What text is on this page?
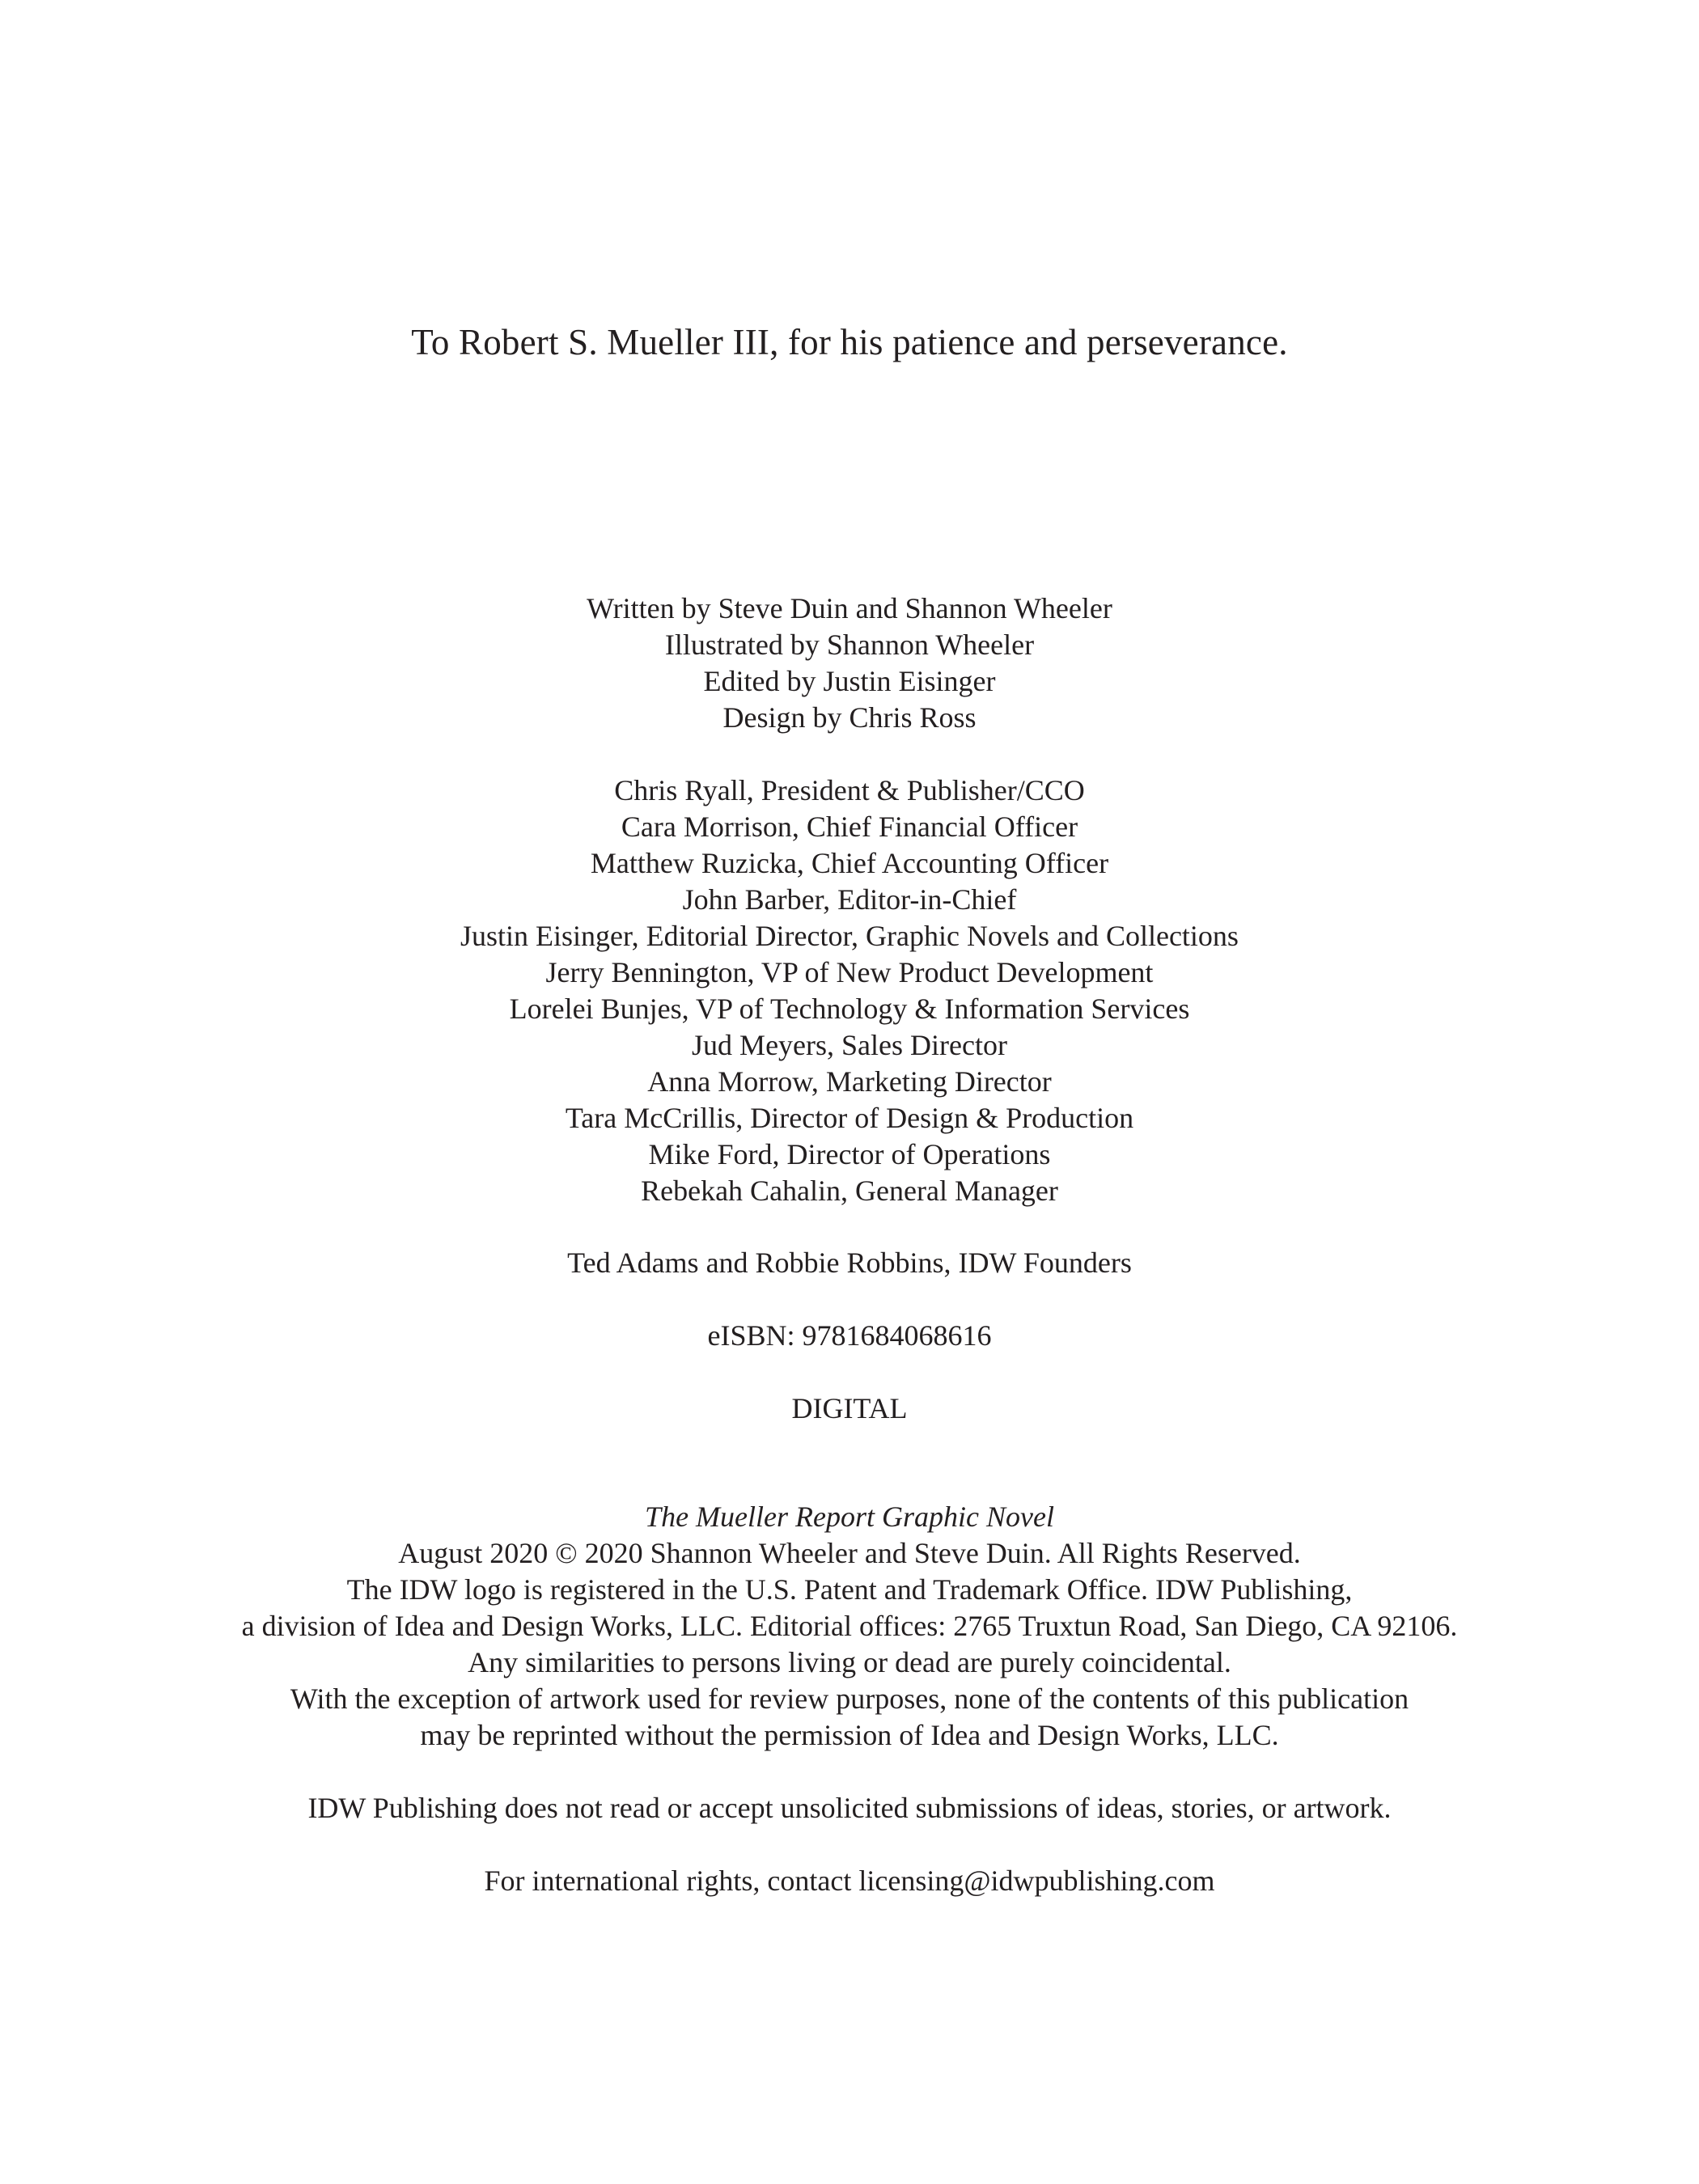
To Robert S. Mueller III, for his patience and perseverance.
Written by Steve Duin and Shannon Wheeler
Illustrated by Shannon Wheeler
Edited by Justin Eisinger
Design by Chris Ross
Chris Ryall, President & Publisher/CCO
Cara Morrison, Chief Financial Officer
Matthew Ruzicka, Chief Accounting Officer
John Barber, Editor-in-Chief
Justin Eisinger, Editorial Director, Graphic Novels and Collections
Jerry Bennington, VP of New Product Development
Lorelei Bunjes, VP of Technology & Information Services
Jud Meyers, Sales Director
Anna Morrow, Marketing Director
Tara McCrillis, Director of Design & Production
Mike Ford, Director of Operations
Rebekah Cahalin, General Manager
Ted Adams and Robbie Robbins, IDW Founders
eISBN: 9781684068616
DIGITAL
The Mueller Report Graphic Novel
August 2020 © 2020 Shannon Wheeler and Steve Duin. All Rights Reserved.
The IDW logo is registered in the U.S. Patent and Trademark Office. IDW Publishing,
a division of Idea and Design Works, LLC. Editorial offices: 2765 Truxtun Road, San Diego, CA 92106.
Any similarities to persons living or dead are purely coincidental.
With the exception of artwork used for review purposes, none of the contents of this publication
may be reprinted without the permission of Idea and Design Works, LLC.
IDW Publishing does not read or accept unsolicited submissions of ideas, stories, or artwork.
For international rights, contact licensing@idwpublishing.com
